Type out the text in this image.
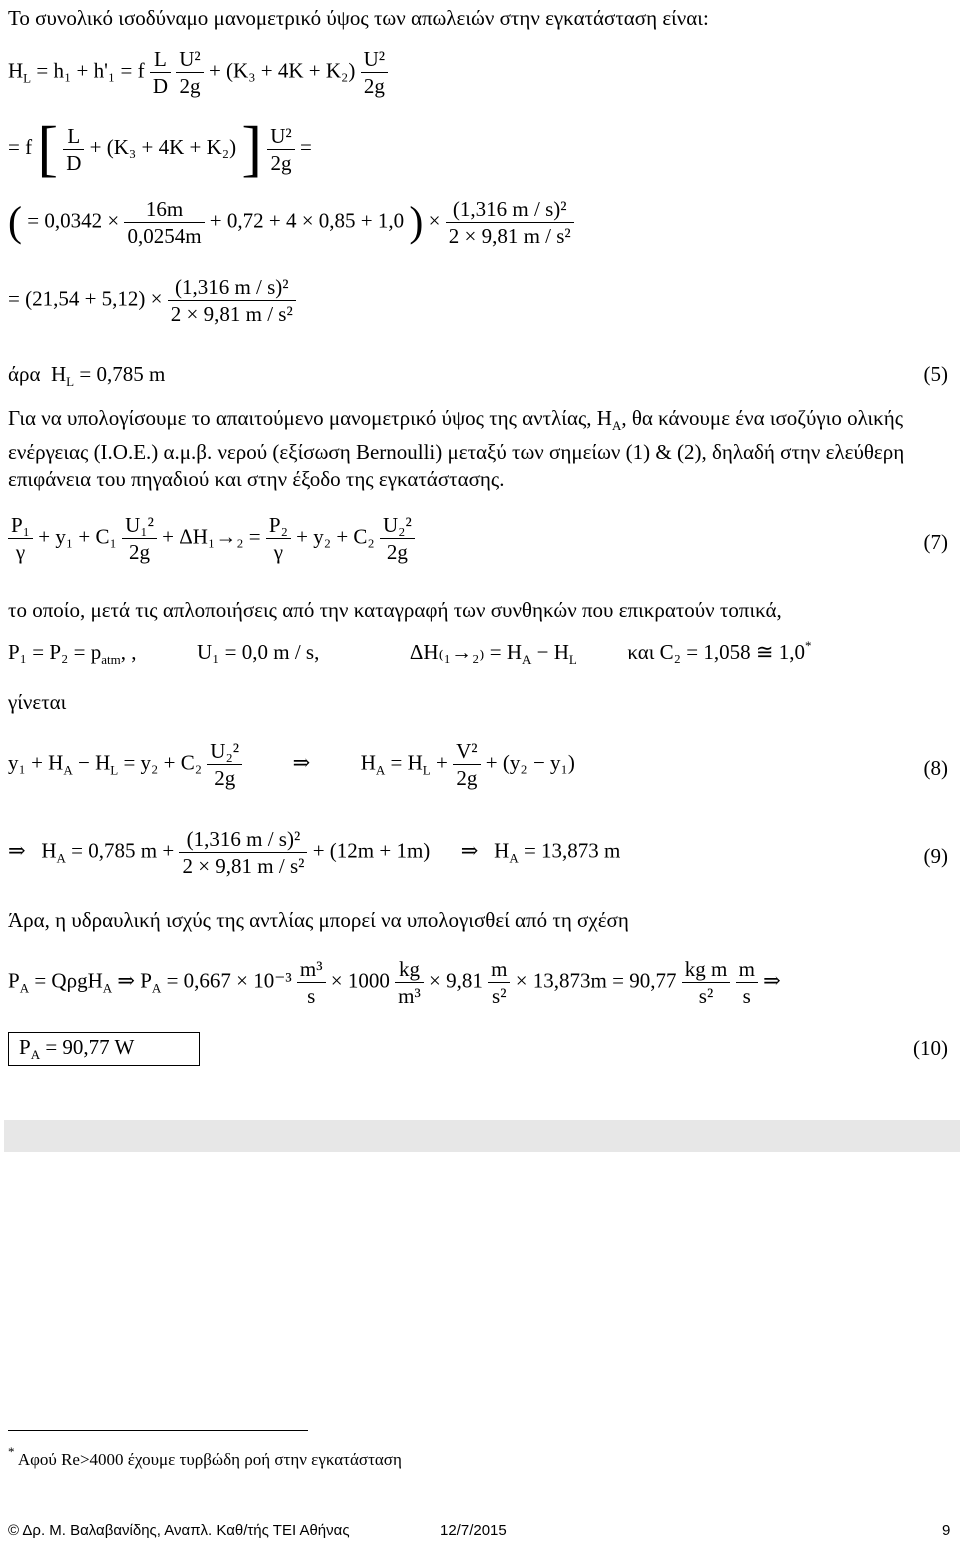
Το συνολικό ισοδύναμο μανομετρικό ύψος των απωλειών στην εγκατάσταση είναι:
$H_L = h_1 + h'_1 = f \frac{L}{D}$
$\frac{\text{U²}}{2g} + (K_3 + 4K + K_2) \frac{\text{U²}}{2g}$
= f [ $\frac{L}{D} + (K_3 + 4K + K_2)$ ] $\frac{\text{U²}}{2g}$ =
( = $0,0342 \times \frac{16m}{0,0254m} + 0,72 + 4 \times 0,85 + 1,0$ ) × $\frac{\text{(1,316 m / s)²}}{\text{2 × 9,81 m / s²}}$
= $(21,54 + 5,12) \times \frac{\text{(1,316 m / s)²}}{\text{2 × 9,81 m / s²}}$
άρα $H_L = 0,785$ m	(5)
Για να υπολογίσουμε το απαιτούμενο μανομετρικό ύψος της αντλίας, $H_A$, θα κάνουμε ένα ισοζύγιο ολικής ενέργειας (Ι.Ο.Ε.) α.μ.β. νερού (εξίσωση Bernoulli) μεταξύ των σημείων (1) & (2), δηλαδή στην ελεύθερη επιφάνεια του πηγαδιού και στην έξοδο της εγκατάστασης.
$\frac{\text{P₁}}{\gamma} + y_1 + C_1 \frac{\text{U₁²}}{2g} + \Delta H_1\to_2 = \frac{\text{P₂}}{\gamma} + y_2 + C_2 \frac{\text{U₂²}}{2g}$	(7)
το οποίο, μετά τις απλοποιήσεις από την καταγραφή των συνθηκών που επικρατούν τοπικά,
$P_1 = P_2 = p_{atm}$, ,	U₁ = 0,0 m / s,	$\Delta H_{(1}\to_{2)} = H_A - H_L$ και C₂ = 1,058 ≅ 1,0*
γίνεται
$y_1 + H_A - H_L = y_2 + C_2 \frac{\text{U₂²}}{2g}$ ⇒ $H_A = H_L + \frac{\text{V²}}{2g} + (y_2 - y_1)$	(8)
⇒ $H_A = 0,785$ $m + \frac{\text{(1,316 m / s)²}}{\text{2 × 9,81 m / s²}} + (12m + 1m)$ ⇒ $H_A = 13,873$ m	(9)
Άρα, η υδραυλική ισχύς της αντλίας μπορεί να υπολογισθεί από τη σχέση
$P_A = Q\rho gH_A$ ⇒ $P_A = 0,667 \times 10^{-3} \frac{\text{m³}}{s} \times 1000 \frac{kg}{\text{m³}} \times 9,81 \frac{m}{\text{s²}} \times 13,873m = 90,77 \frac{\text{kg m}}{\text{s²}}$
$\frac{m}{s}$ ⇒
$P_A = 90,77$ W	(10)
* Αφού Re>4000 έχουμε τυρβώδη ροή στην εγκατάσταση
© Δρ. Μ. Βαλαβανίδης, Αναπλ. Καθ/τής ΤΕΙ Αθήνας	12/7/2015	9
